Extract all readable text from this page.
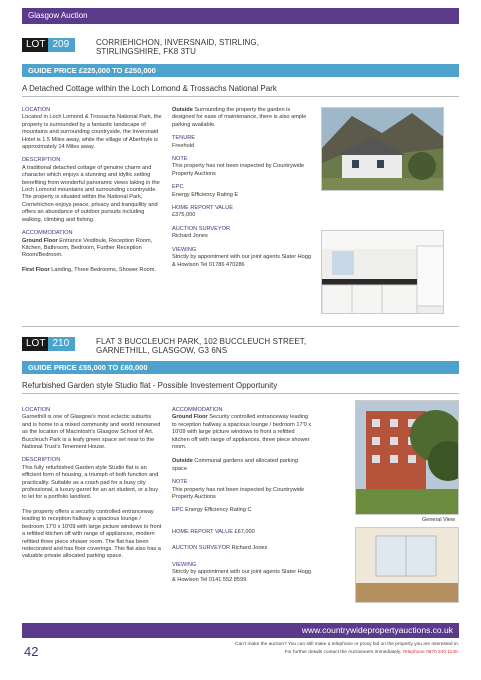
Glasgow Auction
LOT 209	CORRIEHICHON, INVERSNAID, STIRLING,
STIRLINGSHIRE, FK8 3TU
GUIDE PRICE £225,000 TO £250,000
A Detached Cottage within the Loch Lomond & Trossachs National Park
LOCATION
Located in Loch Lomond & Trossachs National Park, the property is surrounded by a fantastic landscape of mountains and surrounding countryside, the Inversnaid Hotel is 1.5 Miles away, while the village of Aberfoyle is approximately 14 Miles away.
DESCRIPTION
A traditional detached cottage of genuine charm and character which enjoys a stunning and idyllic setting benefiting from wonderful panoramic views taking in the Loch Lomond mountains and surrounding countryside. The property is situated within the National Park, Corriehichon enjoys peace, privacy and tranquillity and offers an abundance of outdoor pursuits including walking, climbing and fishing.
ACCOMMODATION
Ground Floor Entrance Vestibule, Reception Room, Kitchen, Bathroom, Bedroom, Further Reception Room/Bedroom.
First Floor Landing, Three Bedrooms, Shower Room.
Outside Surrounding the property the garden is designed for ease of maintenance, there is also ample parking available.
TENURE
Freehold
NOTE
This property has not been inspected by Countrywide Property Auctions
EPC
Energy Efficiency Rating E
HOME REPORT VALUE
£375,000
AUCTION SURVEYOR
Richard Jones
VIEWING
Strictly by appointment with our joint agents Slater Hogg & Howison Tel 01786 470286
LOT 210	FLAT 3 BUCCLEUCH PARK, 102 BUCCLEUCH STREET,
GARNETHILL, GLASGOW, G3 6NS
GUIDE PRICE £55,000 TO £60,000
Refurbished Garden style Studio flat - Possible Investement Opportunity
LOCATION
Garnethill is one of Glasgow's most eclectic suburbs and is home to a mixed community and world renowned as the location of Macintosh's Glasgow School of Art. Buccleuch Park is a leafy green space set near to the National Trust's Tenement House.
DESCRIPTION
This fully refurbished Garden style Studio flat is an efficient form of housing, a triumph of both function and practicality. Suitable as a crash pad for a busy city professional, a luxury garret for an art student, or a buy to let for a portfolio landlord.
The property offers a security controlled entranceway leading to reception hallway a spacious lounge / bedroom 17'0 x 10'09 with large picture windows to front a refitted kitchen off with range of appliances, modern refitted three piece shower room. The flat has been redecorated and has floor coverings. This flat also has a valuable private allocated parking space.
ACCOMMODATION
Ground Floor Security controlled entranceway leading to reception hallway a spacious lounge / bedroom 17'0 x 10'09 with large picture windows to front a refitted kitchen off with range of appliances, three piece shower room.
Outside Communal gardens and allocated parking space
NOTE
This property has not been inspected by Countrywide Property Auctions
EPC Energy Efficiency Rating C
HOME REPORT VALUE £67,000
AUCTION SURVEYOR Richard Jones
VIEWING
Strictly by appointment with our joint agents Slater Hogg & Howison Tel 0141 552 8599
General View
www.countrywidepropertyauctions.co.uk
42	Can't make the auction? You can still make a telephone or proxy bid on the property you are interested in.
For further details contact the Auctioneers immediately. Telephone 0870 240 1140.
